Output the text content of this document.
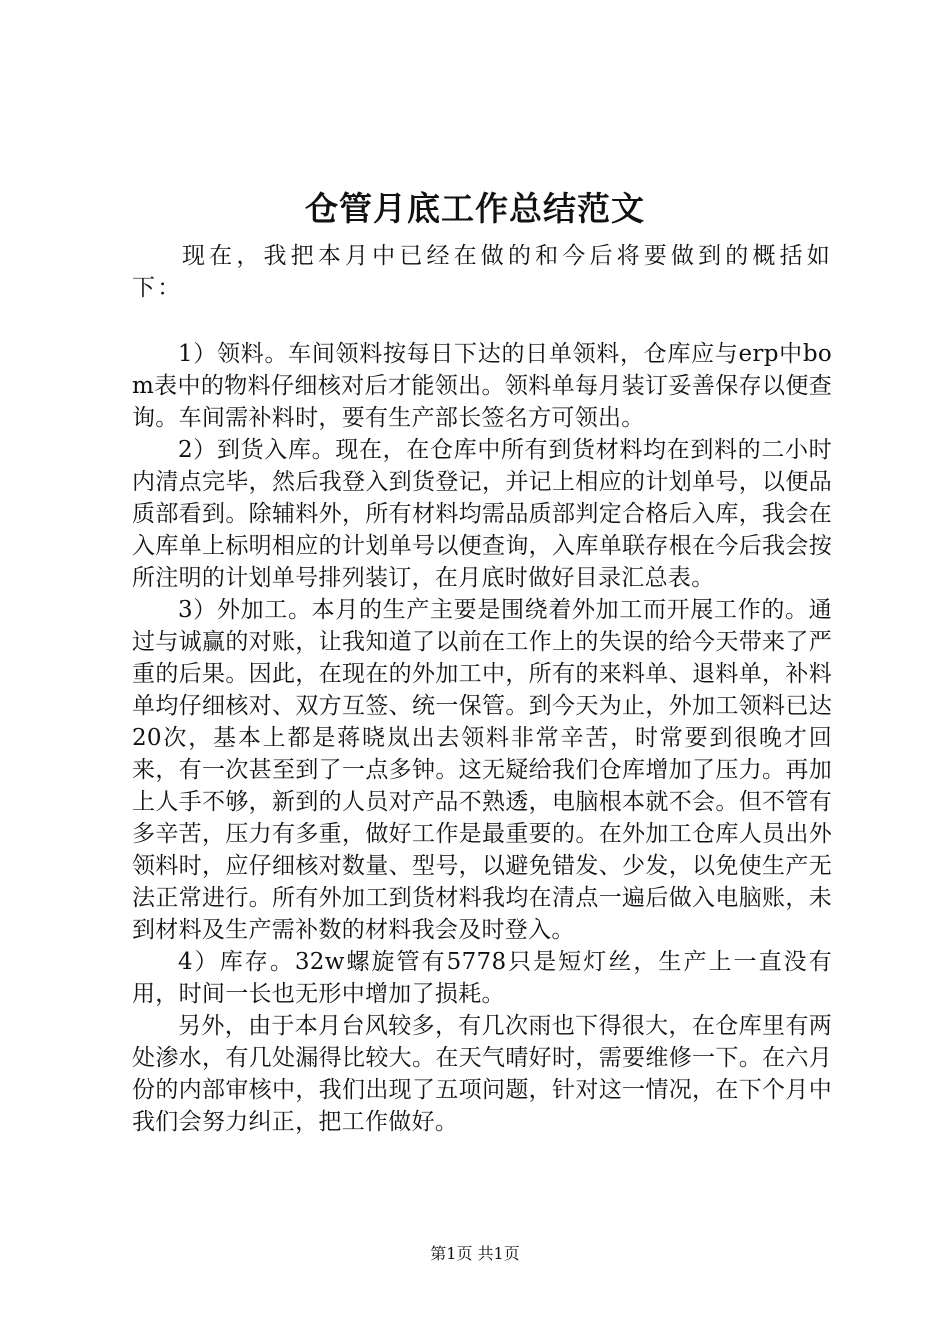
仓管月底工作总结范文

现在，我把本月中已经在做的和今后将要做到的概括如下：

1）领料。车间领料按每日下达的日单领料，仓库应与erp中bom表中的物料仔细核对后才能领出。领料单每月装订妥善保存以便查询。车间需补料时，要有生产部长签名方可领出。

2）到货入库。现在，在仓库中所有到货材料均在到料的二小时内清点完毕，然后我登入到货登记，并记上相应的计划单号，以便品质部看到。除辅料外，所有材料均需品质部判定合格后入库，我会在入库单上标明相应的计划单号以便查询，入库单联存根在今后我会按所注明的计划单号排列装订，在月底时做好目录汇总表。

3）外加工。本月的生产主要是围绕着外加工而开展工作的。通过与诚赢的对账，让我知道了以前在工作上的失误的给今天带来了严重的后果。因此，在现在的外加工中，所有的来料单、退料单，补料单均仔细核对、双方互签、统一保管。到今天为止，外加工领料已达20次，基本上都是蒋晓岚出去领料非常辛苦，时常要到很晚才回来，有一次甚至到了一点多钟。这无疑给我们仓库增加了压力。再加上人手不够，新到的人员对产品不熟透，电脑根本就不会。但不管有多辛苦，压力有多重，做好工作是最重要的。在外加工仓库人员出外领料时，应仔细核对数量、型号，以避免错发、少发，以免使生产无法正常进行。所有外加工到货材料我均在清点一遍后做入电脑账，未到材料及生产需补数的材料我会及时登入。

4）库存。32w螺旋管有5778只是短灯丝，生产上一直没有用，时间一长也无形中增加了损耗。

另外，由于本月台风较多，有几次雨也下得很大，在仓库里有两处渗水，有几处漏得比较大。在天气晴好时，需要维修一下。在六月份的内部审核中，我们出现了五项问题，针对这一情况，在下个月中我们会努力纠正，把工作做好。

第1页 共1页
